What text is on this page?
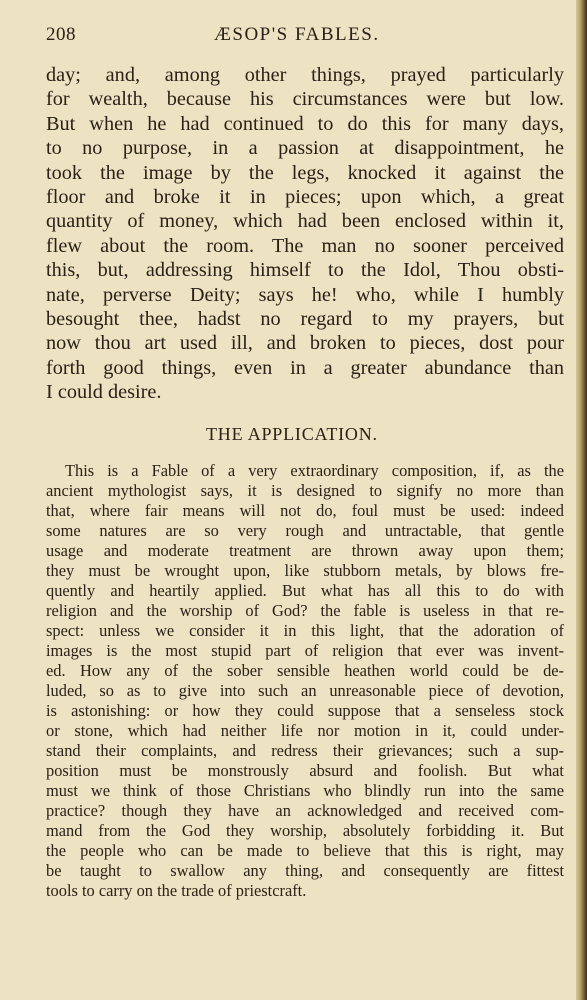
208	ÆSOP'S FABLES.
day; and, among other things, prayed particularly
for wealth, because his circumstances were but low.
But when he had continued to do this for many days,
to no purpose, in a passion at disappointment, he
took the image by the legs, knocked it against the
floor and broke it in pieces; upon which, a great
quantity of money, which had been enclosed within it,
flew about the room. The man no sooner perceived
this, but, addressing himself to the Idol, Thou obsti-
nate, perverse Deity; says he! who, while I humbly
besought thee, hadst no regard to my prayers, but
now thou art used ill, and broken to pieces, dost pour
forth good things, even in a greater abundance than
I could desire.
THE APPLICATION.
This is a Fable of a very extraordinary composition, if, as the
ancient mythologist says, it is designed to signify no more than
that, where fair means will not do, foul must be used: indeed
some natures are so very rough and untractable, that gentle
usage and moderate treatment are thrown away upon them;
they must be wrought upon, like stubborn metals, by blows fre-
quently and heartily applied. But what has all this to do with
religion and the worship of God? the fable is useless in that re-
spect: unless we consider it in this light, that the adoration of
images is the most stupid part of religion that ever was invent-
ed. How any of the sober sensible heathen world could be de-
luded, so as to give into such an unreasonable piece of devotion,
is astonishing: or how they could suppose that a senseless stock
or stone, which had neither life nor motion in it, could under-
stand their complaints, and redress their grievances; such a sup-
position must be monstrously absurd and foolish. But what
must we think of those Christians who blindly run into the same
practice? though they have an acknowledged and received com-
mand from the God they worship, absolutely forbidding it. But
the people who can be made to believe that this is right, may
be taught to swallow any thing, and consequently are fittest
tools to carry on the trade of priestcraft.
